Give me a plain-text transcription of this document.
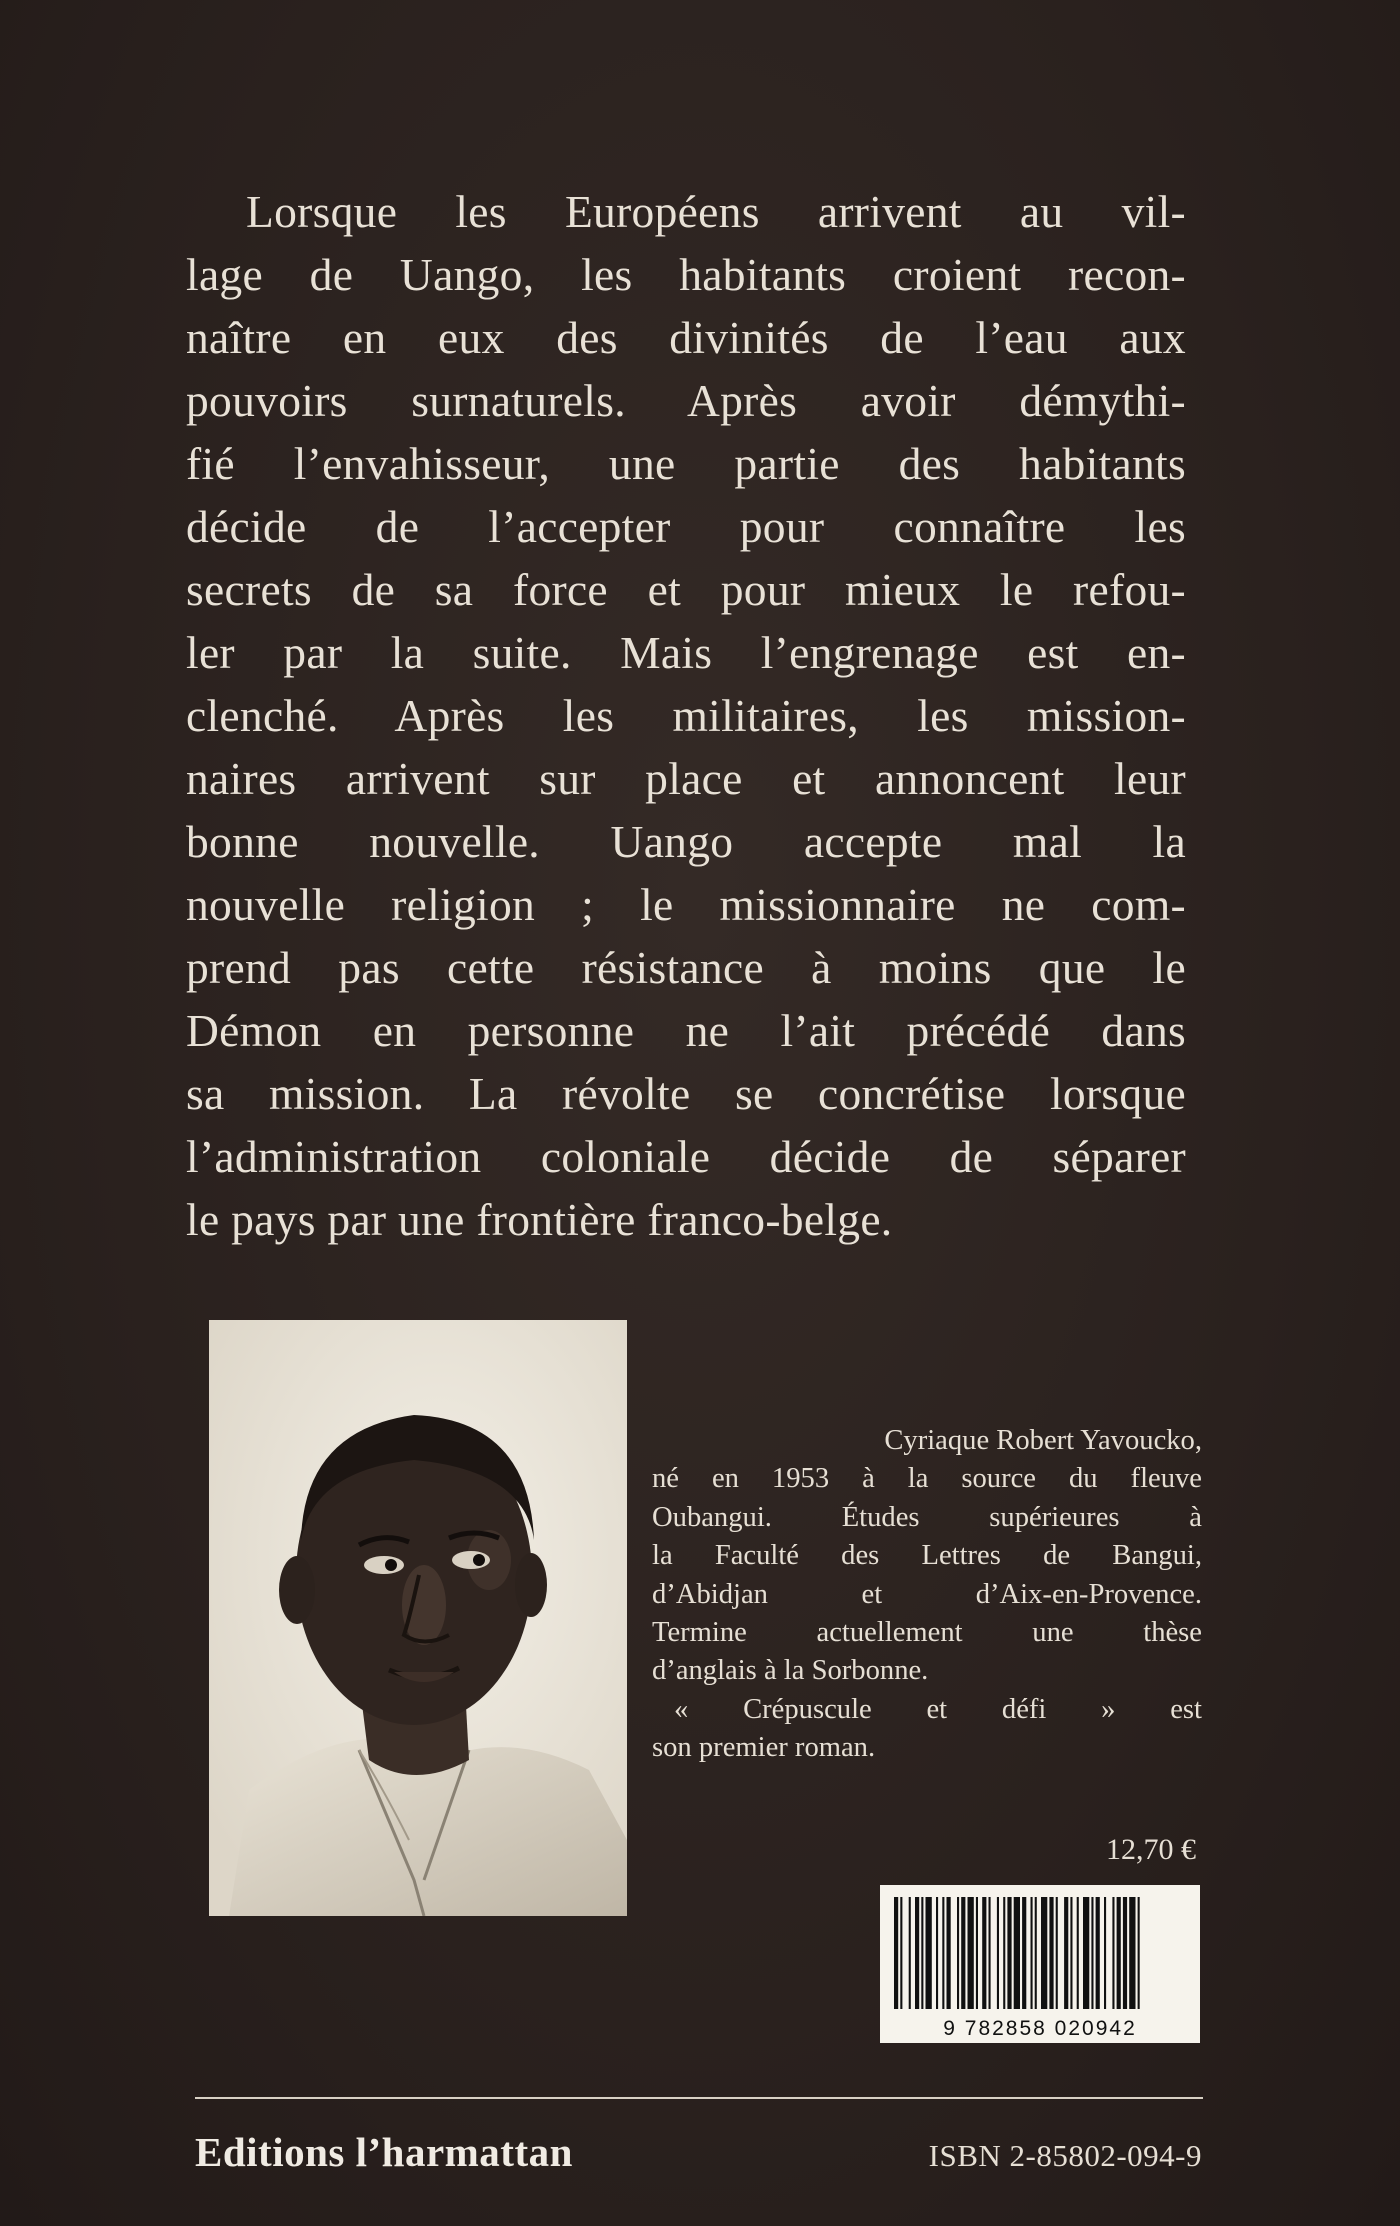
Lorsque les Européens arrivent au vil-
lage de Uango, les habitants croient recon-
naître en eux des divinités de l’eau aux
pouvoirs surnaturels. Après avoir démythi-
fié l’envahisseur, une partie des habitants
décide de l’accepter pour connaître les
secrets de sa force et pour mieux le refou-
ler par la suite. Mais l’engrenage est en-
clenché. Après les militaires, les mission-
naires arrivent sur place et annoncent leur
bonne nouvelle. Uango accepte mal la
nouvelle religion ; le missionnaire ne com-
prend pas cette résistance à moins que le
Démon en personne ne l’ait précédé dans
sa mission. La révolte se concrétise lorsque
l’administration coloniale décide de séparer
le pays par une frontière franco-belge.
Cyriaque Robert Yavoucko,
né en 1953 à la source du fleuve
Oubangui. Études supérieures à
la Faculté des Lettres de Bangui,
d’Abidjan et d’Aix-en-Provence.
Termine actuellement une thèse
d’anglais à la Sorbonne.
« Crépuscule et défi » est
son premier roman.
12,70 €
9 782858 020942
Editions l’harmattan	ISBN 2-85802-094-9
